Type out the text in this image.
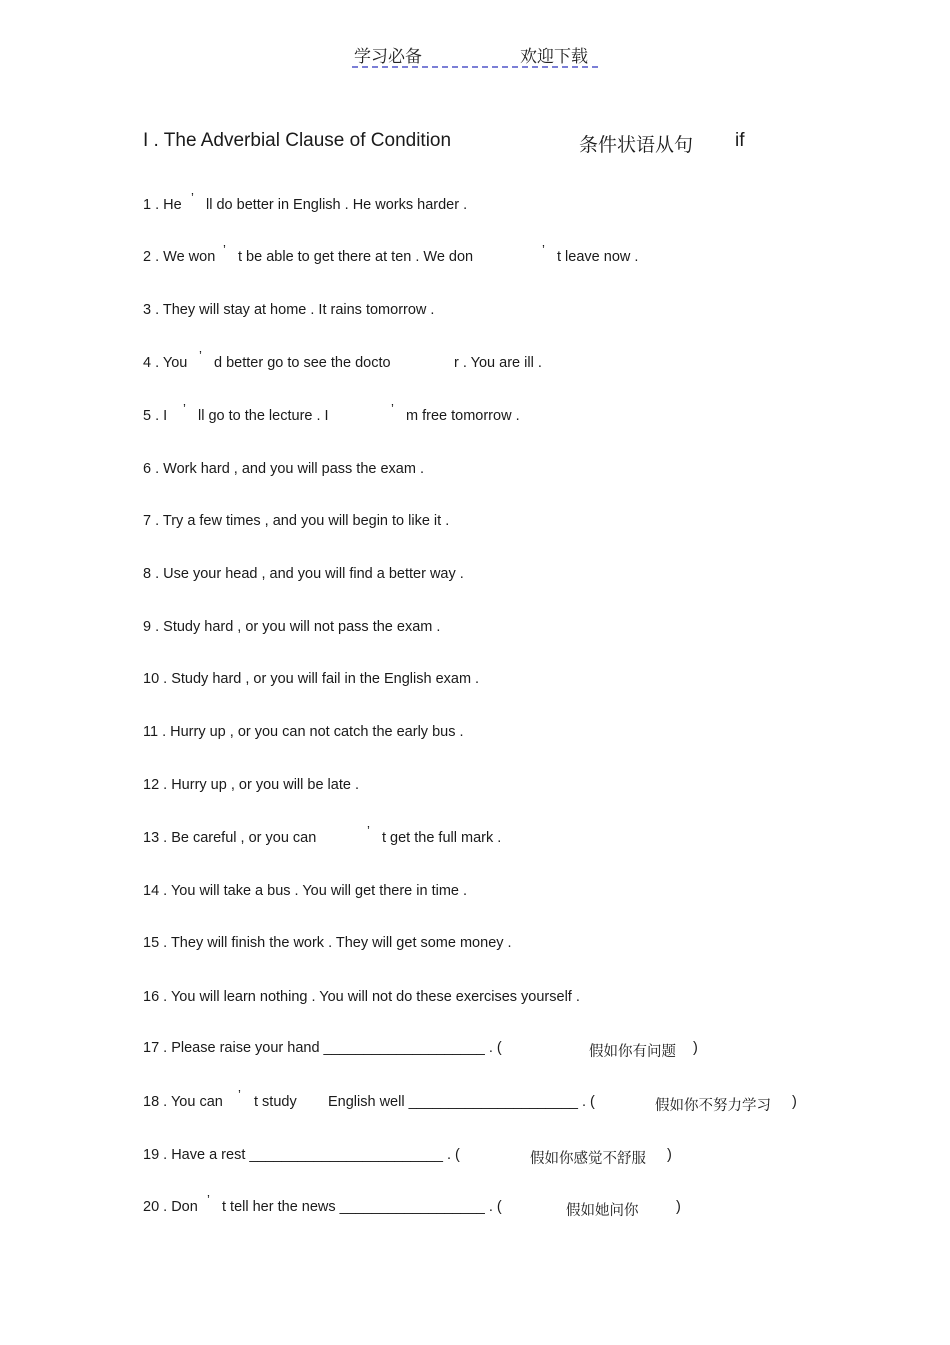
学习必备	欢迎下载
I . The Adverbial Clause of Condition	条件状语从句 if
1 . He ’ ll do better in English . He works harder .
2 . We won ’ t be able to get there at ten . We don	’ t leave now .
3 . They will stay at home . It rains tomorrow .
4 . You ’ d better go to see the docto	r . You are ill .
5 . I ’ ll go to the lecture . I	’ m free tomorrow .
6 . Work hard , and you will pass the exam .
7 . Try a few times , and you will begin to like it .
8 . Use your head , and you will find a better way .
9 . Study hard , or you will not pass the exam .
10 . Study hard , or you will fail in the English exam .
11 . Hurry up , or you can not catch the early bus .
12 . Hurry up , or you will be late .
13 . Be careful , or you can	’ t get the full mark .
14 . You will take a bus . You will get there in time .
15 . They will finish the work . They will get some money .
16 . You will learn nothing . You will not do these exercises yourself .
17 . Please raise your hand ____________________ . (	假如你有问题 )
18 . You can ’ t study English well _____________________ . (	假如你不努力学习 )
19 . Have a rest ________________________ . (	假如你感觉不舒服 )
20 . Don ’ t tell her the news __________________ . (	假如她问你	)
